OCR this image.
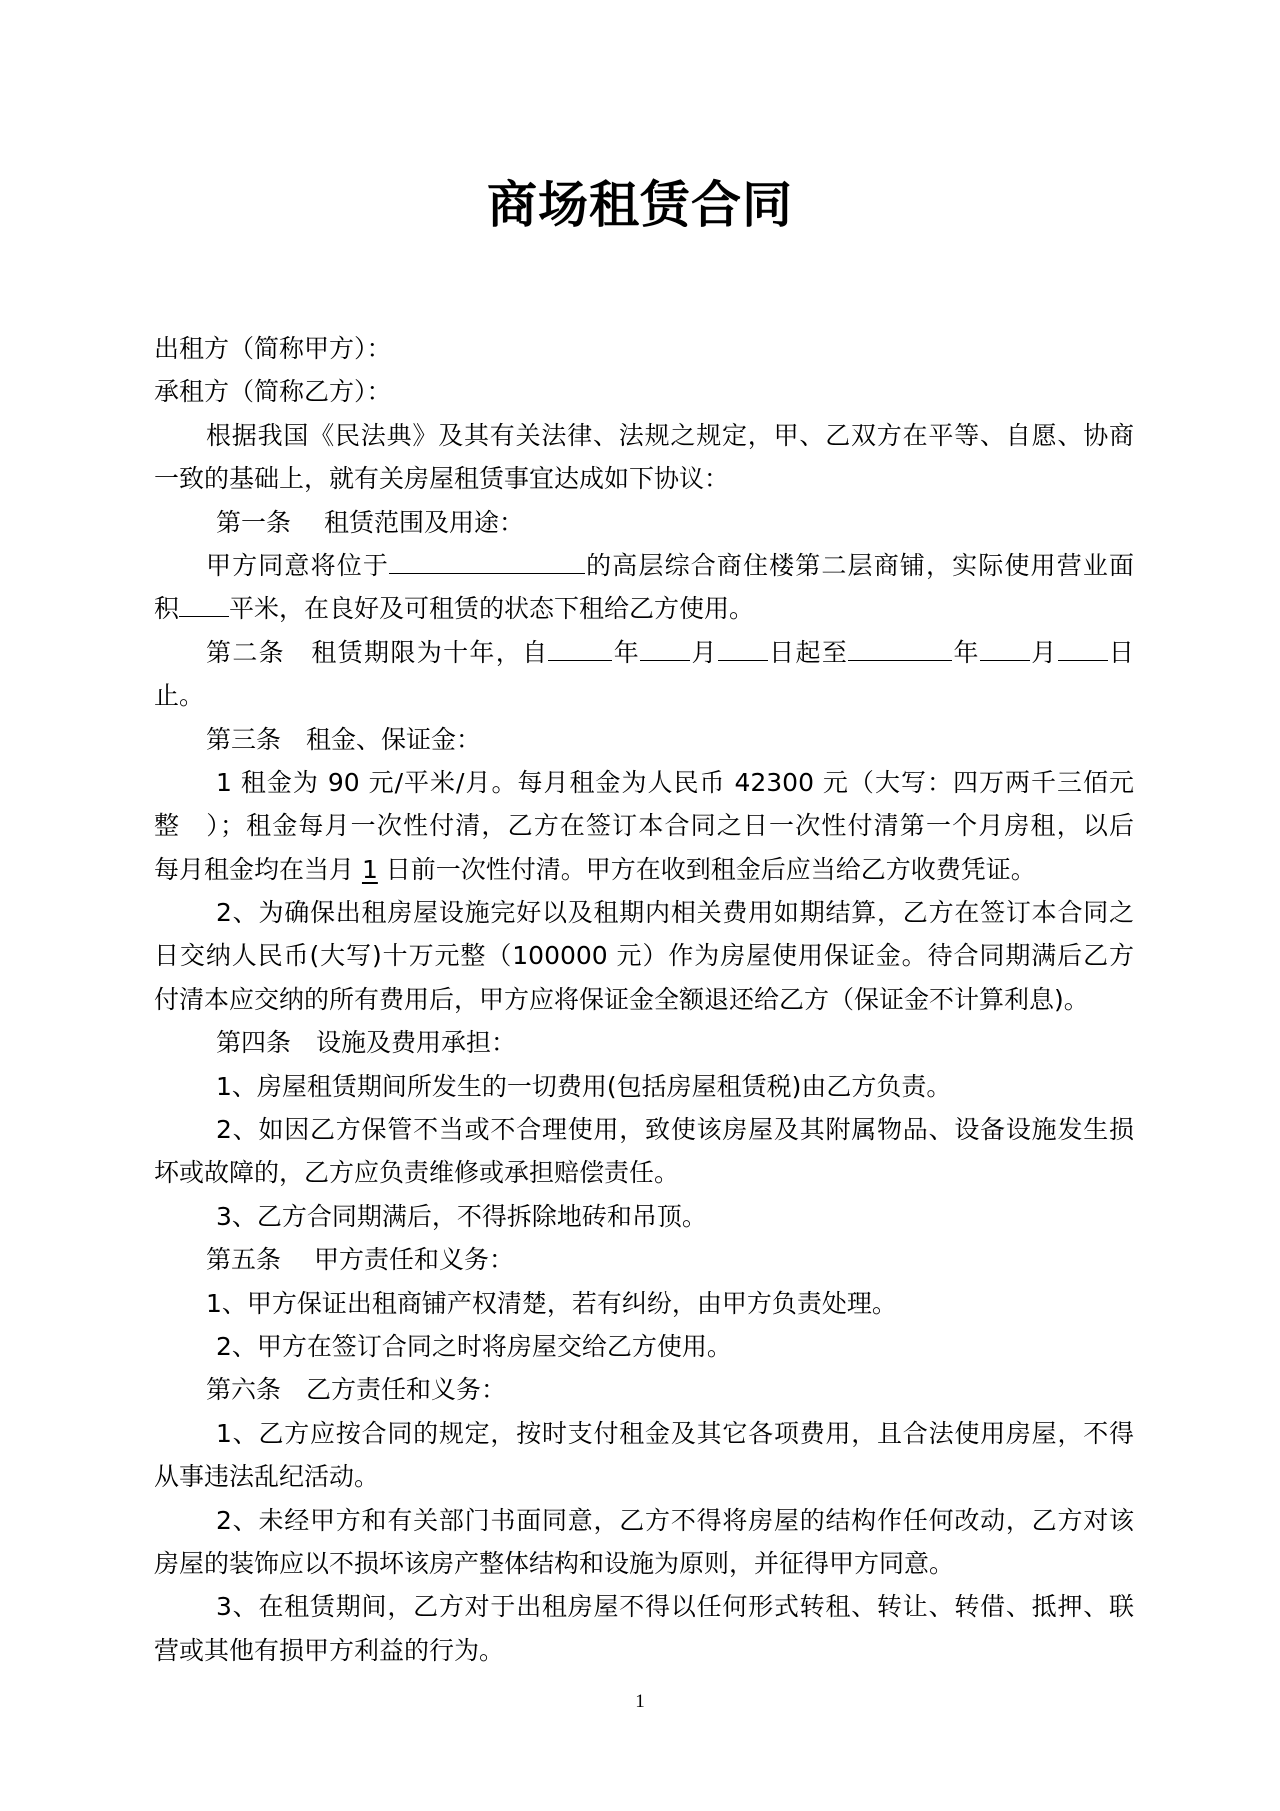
商场租赁合同
出租方（简称甲方）：
承租方（简称乙方）：
根据我国《民法典》及其有关法律、法规之规定，甲、乙双方在平等、自愿、协商
一致的基础上，就有关房屋租赁事宜达成如下协议：
第一条　 租赁范围及用途：
甲方同意将位于	的高层综合商住楼第二层商铺，实际使用营业面
积 平米，在良好及可租赁的状态下租给乙方使用。
第二条　租赁期限为十年，自	年 月 日起至	年 月 日
止。
第三条　租金、保证金：
1 租金为 90 元/平米/月。每月租金为人民币 42300 元（大写：四万两千三佰元
整　）；租金每月一次性付清，乙方在签订本合同之日一次性付清第一个月房租，以后
每月租金均在当月 1 日前一次性付清。甲方在收到租金后应当给乙方收费凭证。
2、为确保出租房屋设施完好以及租期内相关费用如期结算，乙方在签订本合同之
日交纳人民币(大写)十万元整（100000 元）作为房屋使用保证金。待合同期满后乙方
付清本应交纳的所有费用后，甲方应将保证金全额退还给乙方（保证金不计算利息)。
第四条　设施及费用承担：
1、房屋租赁期间所发生的一切费用(包括房屋租赁税)由乙方负责。
2、如因乙方保管不当或不合理使用，致使该房屋及其附属物品、设备设施发生损
坏或故障的，乙方应负责维修或承担赔偿责任。
3、乙方合同期满后，不得拆除地砖和吊顶。
第五条　 甲方责任和义务：
1、甲方保证出租商铺产权清楚，若有纠纷，由甲方负责处理。
2、甲方在签订合同之时将房屋交给乙方使用。
第六条　乙方责任和义务：
1、乙方应按合同的规定，按时支付租金及其它各项费用，且合法使用房屋，不得
从事违法乱纪活动。
2、未经甲方和有关部门书面同意，乙方不得将房屋的结构作任何改动，乙方对该
房屋的装饰应以不损坏该房产整体结构和设施为原则，并征得甲方同意。
3、在租赁期间，乙方对于出租房屋不得以任何形式转租、转让、转借、抵押、联
营或其他有损甲方利益的行为。
1
